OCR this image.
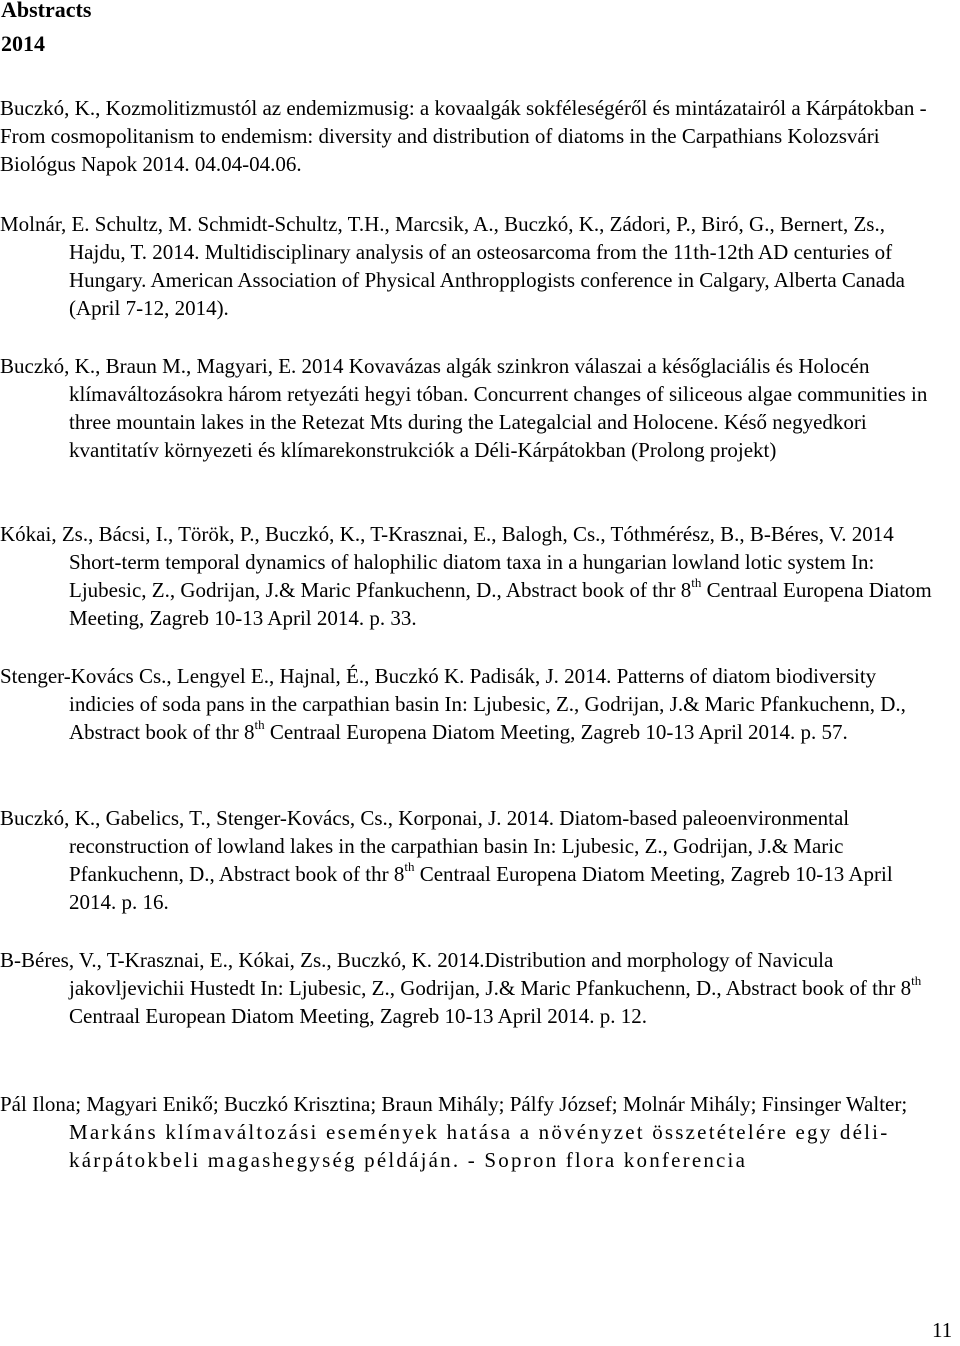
Abstracts
2014
Buczkó, K., Kozmolitizmustól az endemizmusig: a kovaalgák sokféleségéről és mintázatairól a Kárpátokban - From cosmopolitanism to endemism: diversity and distribution of diatoms in the Carpathians Kolozsvári Biológus Napok 2014. 04.04-04.06.
Molnár, E. Schultz, M. Schmidt-Schultz, T.H., Marcsik, A., Buczkó, K., Zádori, P., Biró, G., Bernert, Zs., Hajdu, T. 2014. Multidisciplinary analysis of an osteosarcoma from the 11th-12th AD centuries of Hungary. American Association of Physical Anthropplogists conference in Calgary, Alberta Canada (April 7-12, 2014).
Buczkó, K., Braun M., Magyari, E. 2014 Kovavázas algák szinkron válaszai a későglaciális és Holocén klímaváltozásokra három retyezáti hegyi tóban. Concurrent changes of siliceous algae communities in three mountain lakes in the Retezat Mts during the Lategalcial and Holocene. Késő negyedkori kvantitatív környezeti és klímarekonstrukciók a Déli-Kárpátokban (Prolong projekt)
Kókai, Zs., Bácsi, I., Török, P., Buczkó, K., T-Krasznai, E., Balogh, Cs., Tóthmérész, B., B-Béres, V. 2014 Short-term temporal dynamics of halophilic diatom taxa in a hungarian lowland lotic system In: Ljubesic, Z., Godrijan, J.& Maric Pfankuchenn, D., Abstract book of thr 8th Centraal Europena Diatom Meeting, Zagreb 10-13 April 2014. p. 33.
Stenger-Kovács Cs., Lengyel E., Hajnal, É., Buczkó K. Padisák, J. 2014. Patterns of diatom biodiversity indicies of soda pans in the carpathian basin In: Ljubesic, Z., Godrijan, J.& Maric Pfankuchenn, D., Abstract book of thr 8th Centraal Europena Diatom Meeting, Zagreb 10-13 April 2014. p. 57.
Buczkó, K., Gabelics, T., Stenger-Kovács, Cs., Korponai, J. 2014. Diatom-based paleoenvironmental reconstruction of lowland lakes in the carpathian basin In: Ljubesic, Z., Godrijan, J.& Maric Pfankuchenn, D., Abstract book of thr 8th Centraal Europena Diatom Meeting, Zagreb 10-13 April 2014. p. 16.
B-Béres, V., T-Krasznai, E., Kókai, Zs., Buczkó, K. 2014.Distribution and morphology of Navicula jakovljevichii Hustedt In: Ljubesic, Z., Godrijan, J.& Maric Pfankuchenn, D., Abstract book of thr 8th Centraal European Diatom Meeting, Zagreb 10-13 April 2014. p. 12.
Pál Ilona; Magyari Enikő; Buczkó Krisztina; Braun Mihály; Pálfy József; Molnár Mihály; Finsinger Walter; Markáns klímaváltozási események hatása a növényzet összetételére egy déli-kárpátokbeli magashegység példáján. - Sopron flora konferencia
11
